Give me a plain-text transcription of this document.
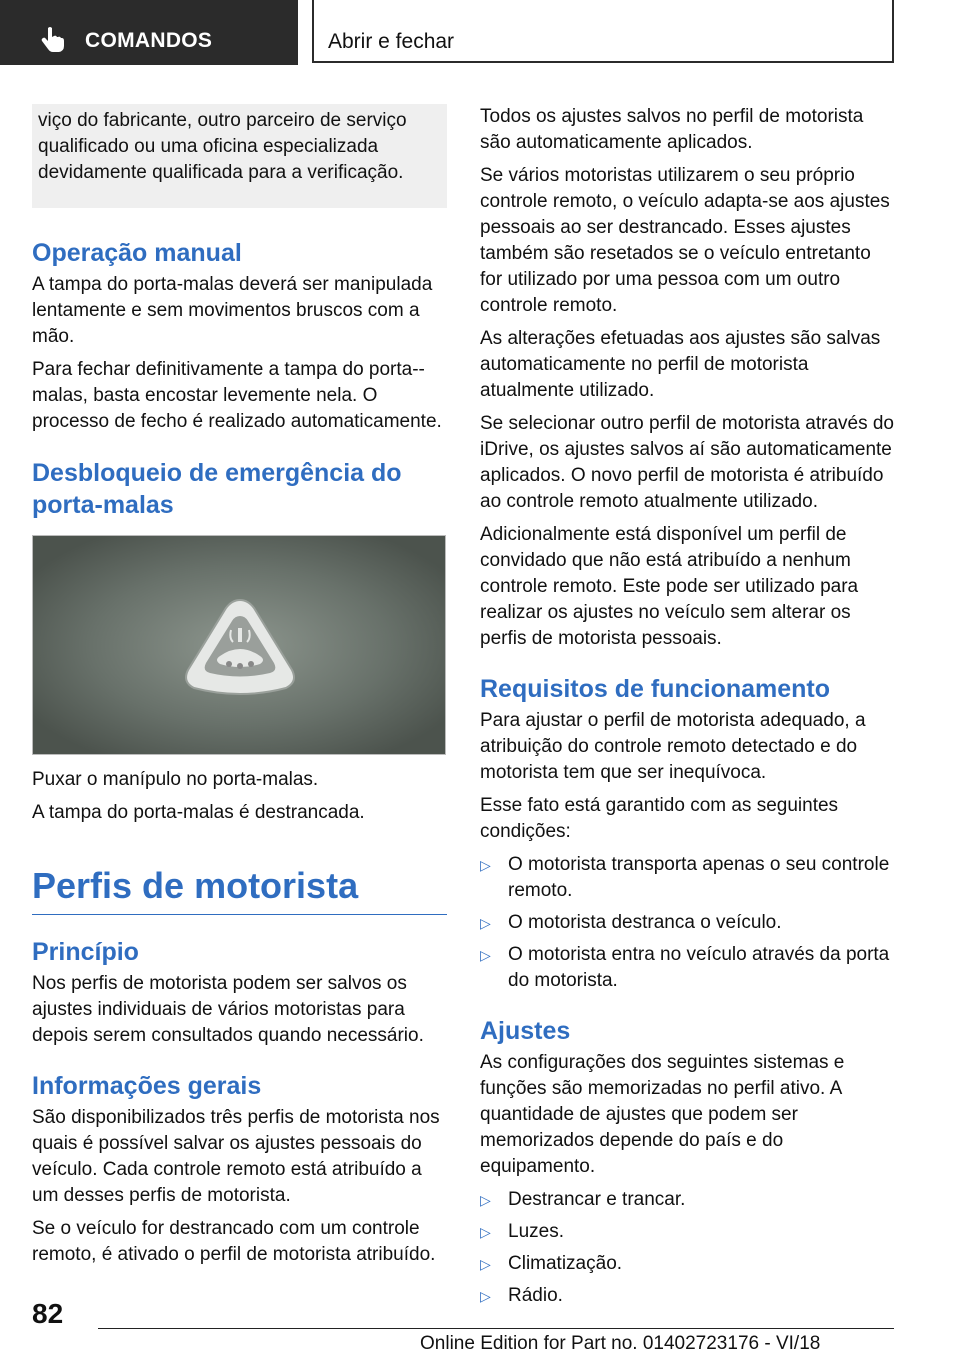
COMANDOS	Abrir e fechar

viço do fabricante, outro parceiro de serviço qualificado ou uma oficina especializada devidamente qualificada para a verificação.

Operação manual

A tampa do porta-malas deverá ser manipulada lentamente e sem movimentos bruscos com a mão.

Para fechar definitivamente a tampa do porta--malas, basta encostar levemente nela. O processo de fecho é realizado automaticamente.

Desbloqueio de emergência do porta-malas

Puxar o manípulo no porta-malas.

A tampa do porta-malas é destrancada.

Perfis de motorista
Princípio

Nos perfis de motorista podem ser salvos os ajustes individuais de vários motoristas para depois serem consultados quando necessário.

Informações gerais

São disponibilizados três perfis de motorista nos quais é possível salvar os ajustes pessoais do veículo. Cada controle remoto está atribuído a um desses perfis de motorista.

Se o veículo for destrancado com um controle remoto, é ativado o perfil de motorista atribuído.

Todos os ajustes salvos no perfil de motorista são automaticamente aplicados.

Se vários motoristas utilizarem o seu próprio controle remoto, o veículo adapta-se aos ajustes pessoais ao ser destrancado. Esses ajustes também são resetados se o veículo entretanto for utilizado por uma pessoa com um outro controle remoto.

As alterações efetuadas aos ajustes são salvas automaticamente no perfil de motorista atualmente utilizado.

Se selecionar outro perfil de motorista através do iDrive, os ajustes salvos aí são automaticamente aplicados. O novo perfil de motorista é atribuído ao controle remoto atualmente utilizado.

Adicionalmente está disponível um perfil de convidado que não está atribuído a nenhum controle remoto. Este pode ser utilizado para realizar os ajustes no veículo sem alterar os perfis de motorista pessoais.

Requisitos de funcionamento

Para ajustar o perfil de motorista adequado, a atribuição do controle remoto detectado e do motorista tem que ser inequívoca.

Esse fato está garantido com as seguintes condições:

▷ O motorista transporta apenas o seu controle remoto.
▷ O motorista destranca o veículo.
▷ O motorista entra no veículo através da porta do motorista.
Ajustes

As configurações dos seguintes sistemas e funções são memorizadas no perfil ativo. A quantidade de ajustes que podem ser memorizados depende do país e do equipamento.

▷ Destrancar e trancar.
▷ Luzes.
▷ Climatização.
▷ Rádio.
82
Online Edition for Part no. 01402723176 - VI/18
